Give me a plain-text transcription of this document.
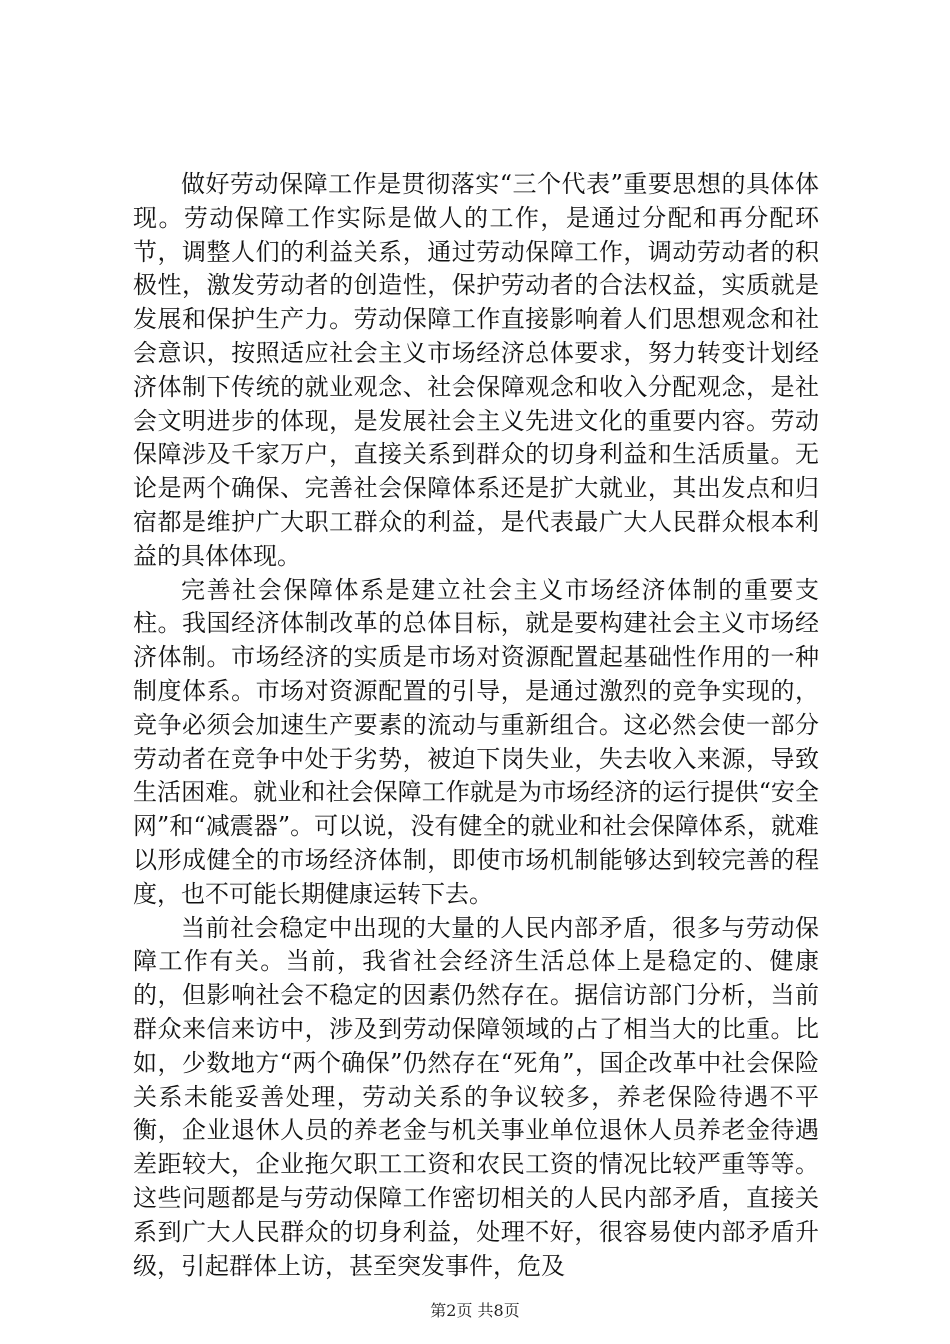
做好劳动保障工作是贯彻落实“三个代表”重要思想的具体体现。劳动保障工作实际是做人的工作，是通过分配和再分配环节，调整人们的利益关系，通过劳动保障工作，调动劳动者的积极性，激发劳动者的创造性，保护劳动者的合法权益，实质就是发展和保护生产力。劳动保障工作直接影响着人们思想观念和社会意识，按照适应社会主义市场经济总体要求，努力转变计划经济体制下传统的就业观念、社会保障观念和收入分配观念，是社会文明进步的体现，是发展社会主义先进文化的重要内容。劳动保障涉及千家万户，直接关系到群众的切身利益和生活质量。无论是两个确保、完善社会保障体系还是扩大就业，其出发点和归宿都是维护广大职工群众的利益，是代表最广大人民群众根本利益的具体体现。

完善社会保障体系是建立社会主义市场经济体制的重要支柱。我国经济体制改革的总体目标，就是要构建社会主义市场经济体制。市场经济的实质是市场对资源配置起基础性作用的一种制度体系。市场对资源配置的引导，是通过激烈的竞争实现的，竞争必须会加速生产要素的流动与重新组合。这必然会使一部分劳动者在竞争中处于劣势，被迫下岗失业，失去收入来源，导致生活困难。就业和社会保障工作就是为市场经济的运行提供“安全网”和“减震器”。可以说，没有健全的就业和社会保障体系，就难以形成健全的市场经济体制，即使市场机制能够达到较完善的程度，也不可能长期健康运转下去。

当前社会稳定中出现的大量的人民内部矛盾，很多与劳动保障工作有关。当前，我省社会经济生活总体上是稳定的、健康的，但影响社会不稳定的因素仍然存在。据信访部门分析，当前群众来信来访中，涉及到劳动保障领域的占了相当大的比重。比如，少数地方“两个确保”仍然存在“死角”，国企改革中社会保险关系未能妥善处理，劳动关系的争议较多，养老保险待遇不平衡，企业退休人员的养老金与机关事业单位退休人员养老金待遇差距较大，企业拖欠职工工资和农民工资的情况比较严重等等。这些问题都是与劳动保障工作密切相关的人民内部矛盾，直接关系到广大人民群众的切身利益，处理不好，很容易使内部矛盾升级，引起群体上访，甚至突发事件，危及

第2页 共8页
